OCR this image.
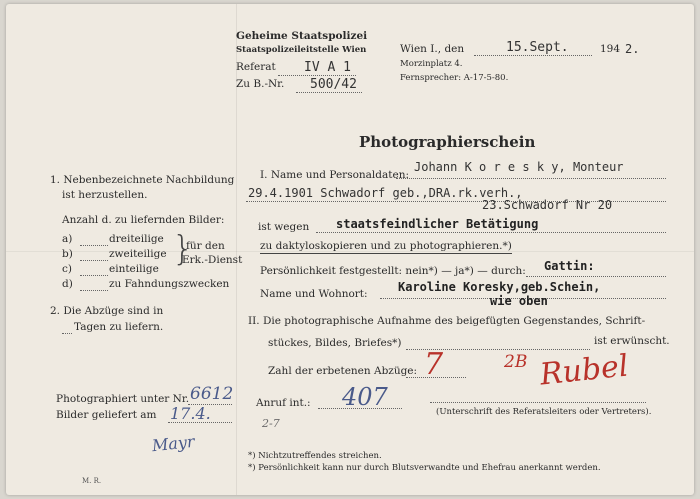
Geheime Staatspolizei
Staatspolizeileitstelle Wien
Referat IV A 1
Zu B.-Nr. 500/42
Wien I., den	15.Sept.	194 2.
Morzinplatz 4.
Fernsprecher: A-17-5-80.
Photographierschein
1. Nebenbezeichnete Nachbildung
ist herzustellen.
Anzahl d. zu liefernden Bilder:
a)	dreiteilige
b)	zweiteilige
c)	einteilige
d)	zu Fahndungszwecken
}
für den
Erk.-Dienst
2. Die Abzüge sind in
Tagen zu liefern.
Photographiert unter Nr. 6612
Bilder geliefert am 17.4.
Mayr
M. R.
I. Name und Personaldaten:
Johann K o r e s k y, Monteur
29.4.1901 Schwadorf geb.,DRA.rk.verh.,
23.Schwadorf Nr 20
ist wegen staatsfeindlicher Betätigung
zu daktyloskopieren und zu photographieren.*)
Persönlichkeit festgestellt: nein*) — ja*) — durch: Gattin:
Name und Wohnort:	Karoline Koresky,geb.Schein,
wie oben
II. Die photographische Aufnahme des beigefügten Gegenstandes, Schrift-
stückes, Bildes, Briefes*)	ist erwünscht.
Zahl der erbetenen Abzüge: 7	2B Rubel
Anruf int.: 407
2-7
(Unterschrift des Referatsleiters oder Vertreters).
*) Nichtzutreffendes streichen.
*) Persönlichkeit kann nur durch Blutsverwandte und Ehefrau anerkannt werden.
